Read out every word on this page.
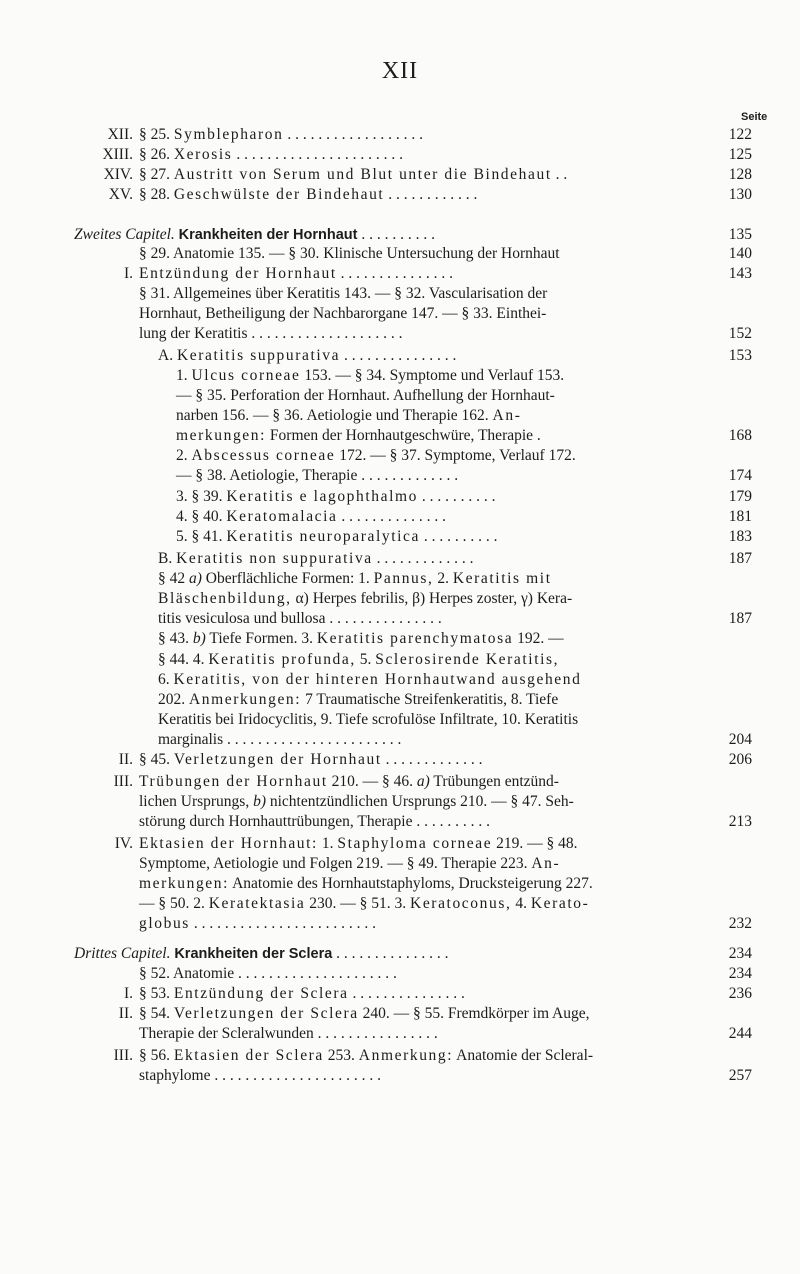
XII
Seite
XII. § 25. Symblepharon . . . . . . . . . . . . . . . . . .	122
XIII. § 26. Xerosis . . . . . . . . . . . . . . . . . . . . . .	125
XIV. § 27. Austritt von Serum und Blut unter die Bindehaut . .	128
XV. § 28. Geschwülste der Bindehaut . . . . . . . . . . . .	130
Zweites Capitel. Krankheiten der Hornhaut . . . . . . . . . .	135
§ 29. Anatomie 135. — § 30. Klinische Untersuchung der Hornhaut	140
I. Entzündung der Hornhaut . . . . . . . . . . . . . . .	143
§ 31. Allgemeines über Keratitis 143. — § 32. Vascularisation der
Hornhaut, Betheiligung der Nachbarorgane 147. — § 33. Einthei-
lung der Keratitis . . . . . . . . . . . . . . . . . . . .	152
A. Keratitis suppurativa . . . . . . . . . . . . . . .	153
1. Ulcus corneae 153. — § 34. Symptome und Verlauf 153.
— § 35. Perforation der Hornhaut. Aufhellung der Hornhaut-
narben 156. — § 36. Aetiologie und Therapie 162. An-
merkungen: Formen der Hornhautgeschwüre, Therapie .	168
2. Abscessus corneae 172. — § 37. Symptome, Verlauf 172.
— § 38. Aetiologie, Therapie . . . . . . . . . . . . .	174
3. § 39. Keratitis e lagophthalmo . . . . . . . . . .	179
4. § 40. Keratomalacia . . . . . . . . . . . . . .	181
5. § 41. Keratitis neuroparalytica . . . . . . . . . .	183
B. Keratitis non suppurativa . . . . . . . . . . . . .	187
§ 42 a) Oberflächliche Formen: 1. Pannus, 2. Keratitis mit
Bläschenbildung, α) Herpes febrilis, β) Herpes zoster, γ) Kera-
titis vesiculosa und bullosa . . . . . . . . . . . . . . .	187
§ 43. b) Tiefe Formen. 3. Keratitis parenchymatosa 192. —
§ 44. 4. Keratitis profunda, 5. Sclerosirende Keratitis,
6. Keratitis, von der hinteren Hornhautwand ausgehend
202. Anmerkungen: 7 Traumatische Streifenkeratitis, 8. Tiefe
Keratitis bei Iridocyclitis, 9. Tiefe scrofulöse Infiltrate, 10. Keratitis
marginalis . . . . . . . . . . . . . . . . . . . . . . .	204
II. § 45. Verletzungen der Hornhaut . . . . . . . . . . . . .	206
III. Trübungen der Hornhaut 210. — § 46. a) Trübungen entzünd-
lichen Ursprungs, b) nichtentzündlichen Ursprungs 210. — § 47. Seh-
störung durch Hornhauttrübungen, Therapie . . . . . . . . . .	213
IV. Ektasien der Hornhaut: 1. Staphyloma corneae 219. — § 48.
Symptome, Aetiologie und Folgen 219. — § 49. Therapie 223. An-
merkungen: Anatomie des Hornhautstaphyloms, Drucksteigerung 227.
— § 50. 2. Keratektasia 230. — § 51. 3. Keratoconus, 4. Kerato-
globus . . . . . . . . . . . . . . . . . . . . . . . .	232
Drittes Capitel. Krankheiten der Sclera . . . . . . . . . . . . . . .	234
§ 52. Anatomie . . . . . . . . . . . . . . . . . . . . .	234
I. § 53. Entzündung der Sclera . . . . . . . . . . . . . . .	236
II. § 54. Verletzungen der Sclera 240. — § 55. Fremdkörper im Auge,
Therapie der Scleralwunden . . . . . . . . . . . . . . . .	244
III. § 56. Ektasien der Sclera 253. Anmerkung: Anatomie der Scleral-
staphylome . . . . . . . . . . . . . . . . . . . . . .	257
